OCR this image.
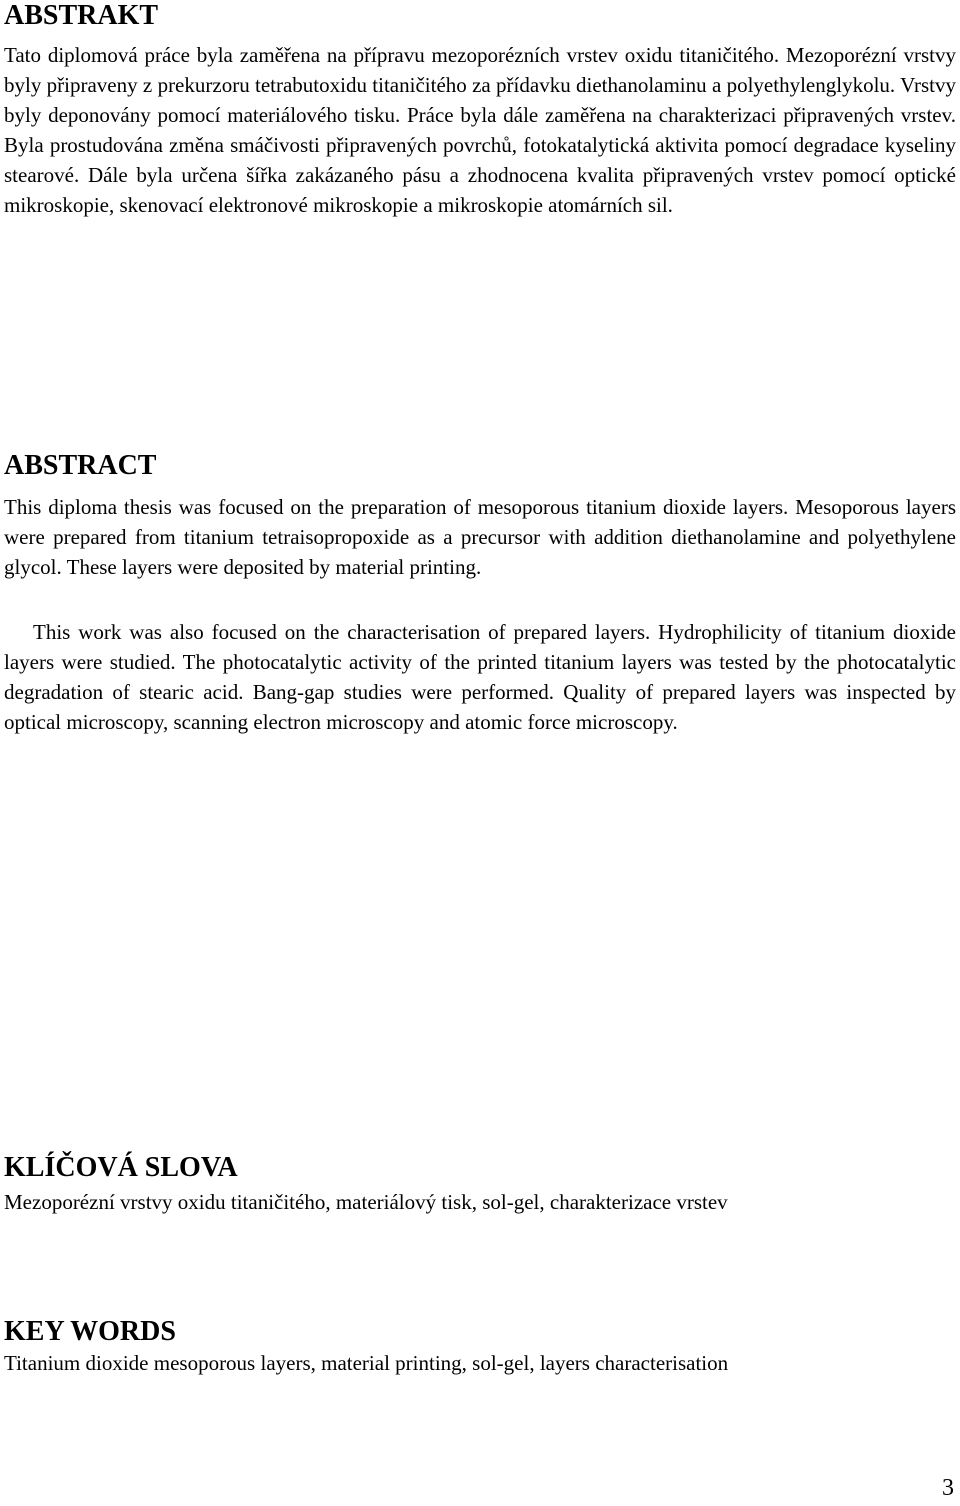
ABSTRAKT

Tato diplomová práce byla zaměřena na přípravu mezoporézních vrstev oxidu titaničitého. Mezoporézní vrstvy byly připraveny z prekurzoru tetrabutoxidu titaničitého za přídavku diethanolaminu a polyethylenglykolu. Vrstvy byly deponovány pomocí materiálového tisku. Práce byla dále zaměřena na charakterizaci připravených vrstev. Byla prostudována změna smáčivosti připravených povrchů, fotokatalytická aktivita pomocí degradace kyseliny stearové. Dále byla určena šířka zakázaného pásu a zhodnocena kvalita připravených vrstev pomocí optické mikroskopie, skenovací elektronové mikroskopie a mikroskopie atomárních sil.

ABSTRACT

This diploma thesis was focused on the preparation of mesoporous titanium dioxide layers. Mesoporous layers were prepared from titanium tetraisopropoxide as a precursor with addition diethanolamine and polyethylene glycol. These layers were deposited by material printing.

This work was also focused on the characterisation of prepared layers. Hydrophilicity of titanium dioxide layers were studied. The photocatalytic activity of the printed titanium layers was tested by the photocatalytic degradation of stearic acid. Bang-gap studies were performed. Quality of prepared layers was inspected by optical microscopy, scanning electron microscopy and atomic force microscopy.

KLÍČOVÁ SLOVA

Mezoporézní vrstvy oxidu titaničitého, materiálový tisk, sol-gel, charakterizace vrstev

KEY WORDS

Titanium dioxide mesoporous layers, material printing, sol-gel, layers characterisation

3
